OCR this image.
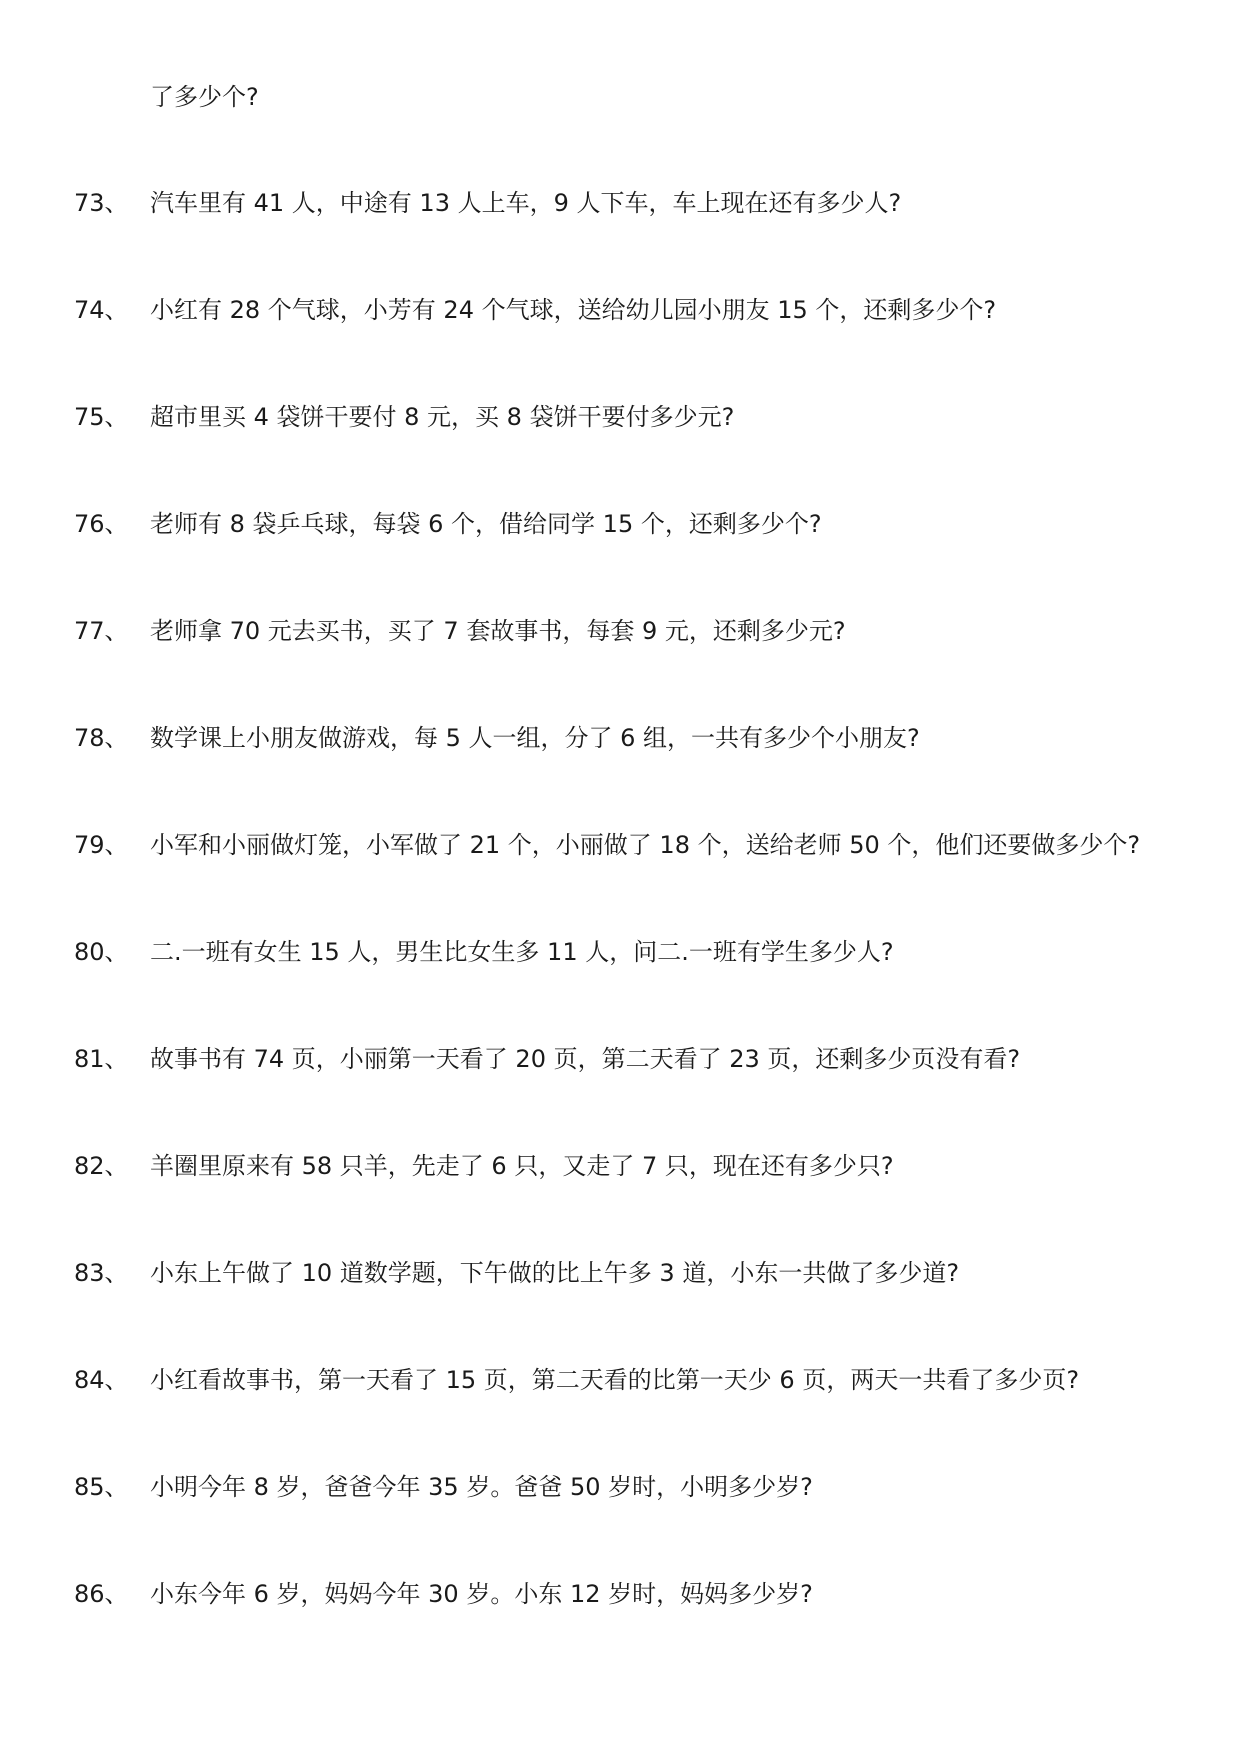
了多少个?
73、 汽车里有 41 人，中途有 13 人上车，9 人下车，车上现在还有多少人?
74、 小红有 28 个气球，小芳有 24 个气球，送给幼儿园小朋友 15 个，还剩多少个?
75、 超市里买 4 袋饼干要付 8 元，买 8 袋饼干要付多少元?
76、 老师有 8 袋乒乓球，每袋 6 个，借给同学 15 个，还剩多少个?
77、 老师拿 70 元去买书，买了 7 套故事书，每套 9 元，还剩多少元?
78、 数学课上小朋友做游戏，每 5 人一组，分了 6 组，一共有多少个小朋友?
79、 小军和小丽做灯笼，小军做了 21 个，小丽做了 18 个，送给老师 50 个，他们还要做多少个?
80、 二.一班有女生 15 人，男生比女生多 11 人，问二.一班有学生多少人?
81、 故事书有 74 页，小丽第一天看了 20 页，第二天看了 23 页，还剩多少页没有看?
82、 羊圈里原来有 58 只羊，先走了 6 只，又走了 7 只，现在还有多少只?
83、 小东上午做了 10 道数学题，下午做的比上午多 3 道，小东一共做了多少道?
84、 小红看故事书，第一天看了 15 页，第二天看的比第一天少 6 页，两天一共看了多少页?
85、 小明今年 8 岁，爸爸今年 35 岁。爸爸 50 岁时，小明多少岁?
86、 小东今年 6 岁，妈妈今年 30 岁。小东 12 岁时，妈妈多少岁?
